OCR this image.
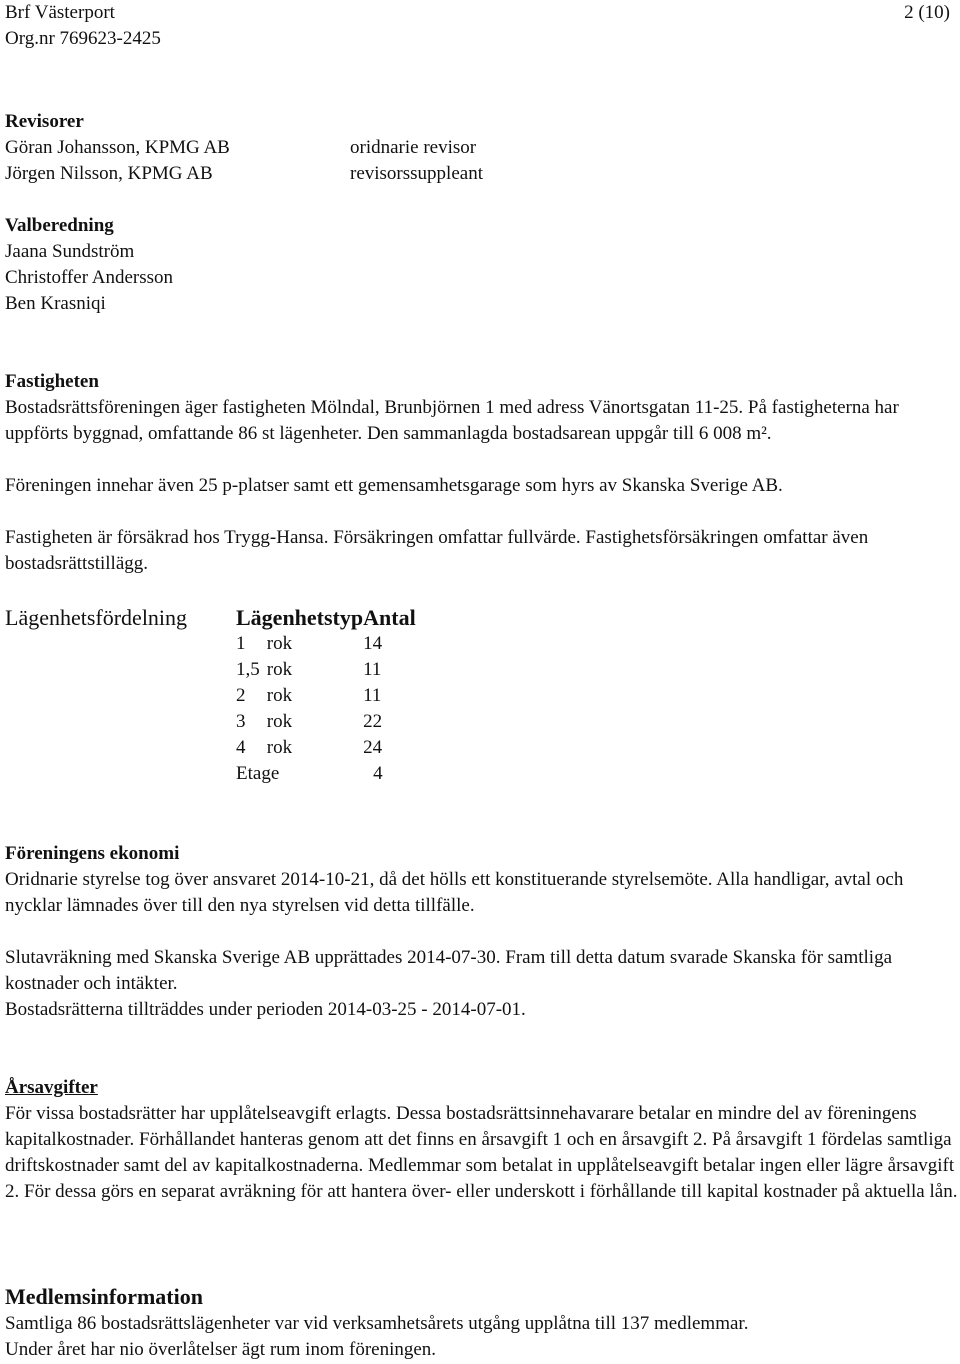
Brf Västerport
Org.nr 769623-2425
2 (10)
Revisorer
Göran Johansson, KPMG AB	oridnarie revisor
Jörgen Nilsson, KPMG AB	revisorssuppleant
Valberedning
Jaana Sundström
Christoffer Andersson
Ben Krasniqi
Fastigheten
Bostadsrättsföreningen äger fastigheten Mölndal, Brunbjörnen 1 med adress Vänortsgatan 11-25. På fastigheterna har uppförts byggnad, omfattande 86 st lägenheter. Den sammanlagda bostadsarean uppgår till 6 008 m².
Föreningen innehar även 25 p-platser samt ett gemensamhetsgarage som hyrs av Skanska Sverige AB.
Fastigheten är försäkrad hos Trygg-Hansa. Försäkringen omfattar fullvärde. Fastighetsförsäkringen omfattar även bostadsrättstillägg.
Lägenhetsfördelning Lägenhetstyp		Antal
1	rok	14
1,5	rok	11
2	rok	11
3	rok	22
4	rok	24
Etage		4
Föreningens ekonomi
Oridnarie styrelse tog över ansvaret 2014-10-21, då det hölls ett konstituerande styrelsemöte. Alla handligar, avtal och nycklar lämnades över till den nya styrelsen vid detta tillfälle.
Slutavräkning med Skanska Sverige AB upprättades 2014-07-30. Fram till detta datum svarade Skanska för samtliga kostnader och intäkter.
Bostadsrätterna tillträddes under perioden 2014-03-25 - 2014-07-01.
Årsavgifter
För vissa bostadsrätter har upplåtelseavgift erlagts. Dessa bostadsrättsinnehavarare betalar en mindre del av föreningens kapitalkostnader. Förhållandet hanteras genom att det finns en årsavgift 1 och en årsavgift 2. På årsavgift 1 fördelas samtliga driftskostnader samt del av kapitalkostnaderna. Medlemmar som betalat in upplåtelseavgift betalar ingen eller lägre årsavgift 2. För dessa görs en separat avräkning för att hantera över- eller underskott i förhållande till kapital kostnader på aktuella lån.
Medlemsinformation
Samtliga 86 bostadsrättslägenheter var vid verksamhetsårets utgång upplåtna till 137 medlemmar.
Under året har nio överlåtelser ägt rum inom föreningen.
